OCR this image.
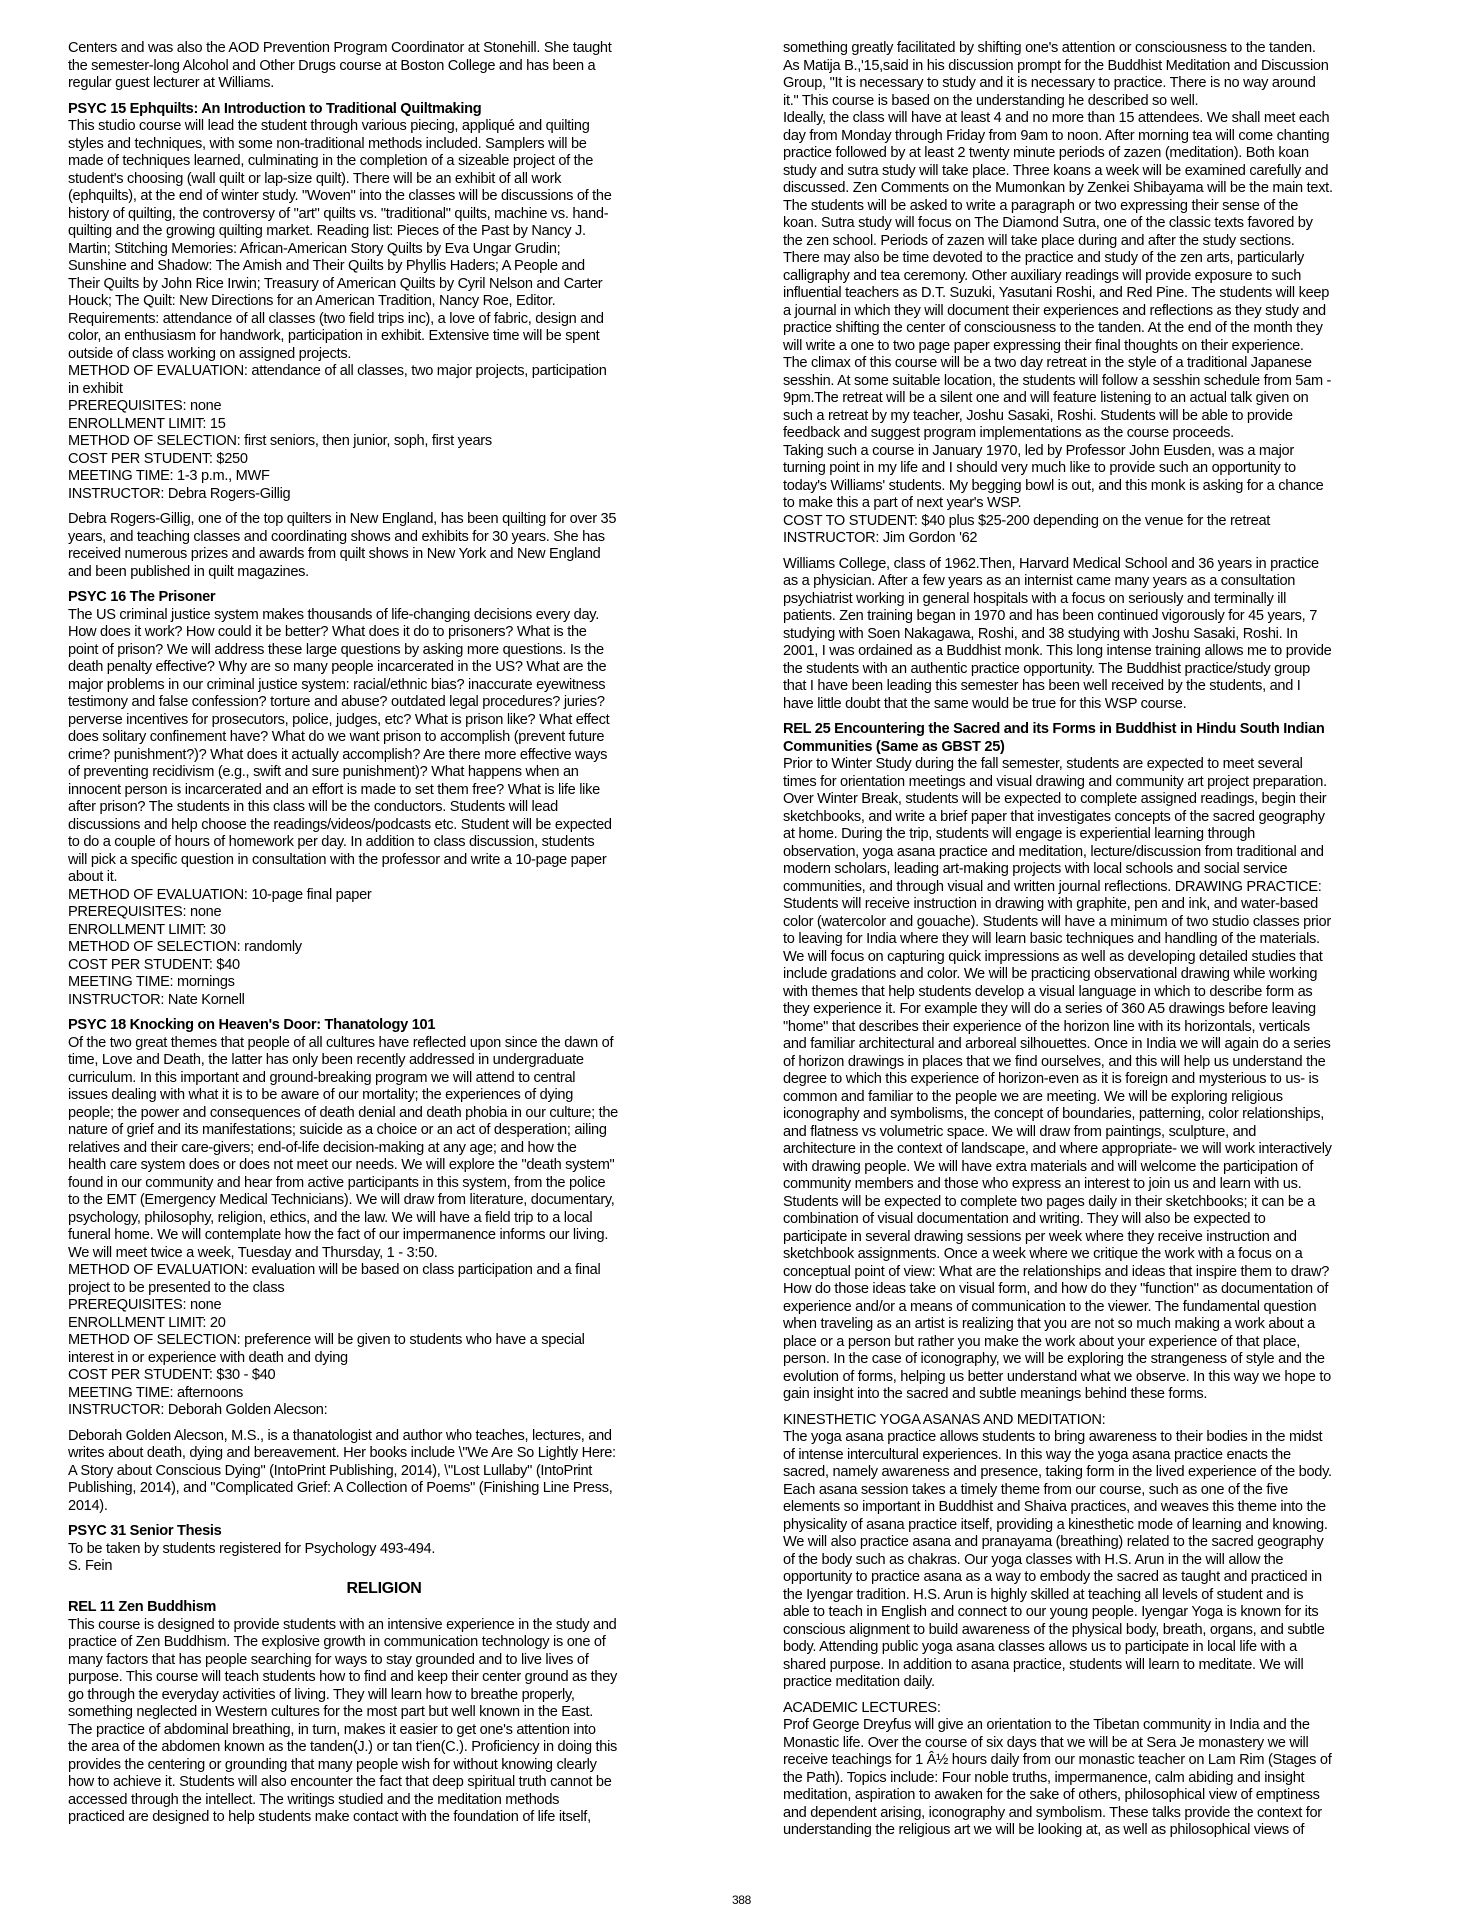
Centers and was also the AOD Prevention Program Coordinator at Stonehill. She taught
the semester-long Alcohol and Other Drugs course at Boston College and has been a
regular guest lecturer at Williams.

PSYC 15 Ephquilts: An Introduction to Traditional Quiltmaking

This studio course will lead the student through various piecing, appliqué and quilting
styles and techniques, with some non-traditional methods included. Samplers will be
made of techniques learned, culminating in the completion of a sizeable project of the
student's choosing (wall quilt or lap-size quilt). There will be an exhibit of all work
(ephquilts), at the end of winter study. "Woven" into the classes will be discussions of the
history of quilting, the controversy of "art" quilts vs. "traditional" quilts, machine vs. hand-
quilting and the growing quilting market. Reading list: Pieces of the Past by Nancy J.
Martin; Stitching Memories: African-American Story Quilts by Eva Ungar Grudin;
Sunshine and Shadow: The Amish and Their Quilts by Phyllis Haders; A People and
Their Quilts by John Rice Irwin; Treasury of American Quilts by Cyril Nelson and Carter
Houck; The Quilt: New Directions for an American Tradition, Nancy Roe, Editor.
Requirements: attendance of all classes (two field trips inc), a love of fabric, design and
color, an enthusiasm for handwork, participation in exhibit. Extensive time will be spent
outside of class working on assigned projects.
METHOD OF EVALUATION: attendance of all classes, two major projects, participation
in exhibit
PREREQUISITES: none
ENROLLMENT LIMIT: 15
METHOD OF SELECTION: first seniors, then junior, soph, first years
COST PER STUDENT: $250
MEETING TIME: 1-3 p.m., MWF
INSTRUCTOR: Debra Rogers-Gillig

Debra Rogers-Gillig, one of the top quilters in New England, has been quilting for over 35
years, and teaching classes and coordinating shows and exhibits for 30 years. She has
received numerous prizes and awards from quilt shows in New York and New England
and been published in quilt magazines.

PSYC 16 The Prisoner

The US criminal justice system makes thousands of life-changing decisions every day.
How does it work? How could it be better? What does it do to prisoners? What is the
point of prison? We will address these large questions by asking more questions. Is the
death penalty effective? Why are so many people incarcerated in the US? What are the
major problems in our criminal justice system: racial/ethnic bias? inaccurate eyewitness
testimony and false confession? torture and abuse? outdated legal procedures? juries?
perverse incentives for prosecutors, police, judges, etc? What is prison like? What effect
does solitary confinement have? What do we want prison to accomplish (prevent future
crime? punishment?)? What does it actually accomplish? Are there more effective ways
of preventing recidivism (e.g., swift and sure punishment)? What happens when an
innocent person is incarcerated and an effort is made to set them free? What is life like
after prison? The students in this class will be the conductors. Students will lead
discussions and help choose the readings/videos/podcasts etc. Student will be expected
to do a couple of hours of homework per day. In addition to class discussion, students
will pick a specific question in consultation with the professor and write a 10-page paper
about it.
METHOD OF EVALUATION: 10-page final paper
PREREQUISITES: none
ENROLLMENT LIMIT: 30
METHOD OF SELECTION: randomly
COST PER STUDENT: $40
MEETING TIME: mornings
INSTRUCTOR: Nate Kornell

PSYC 18 Knocking on Heaven's Door: Thanatology 101

Of the two great themes that people of all cultures have reflected upon since the dawn of
time, Love and Death, the latter has only been recently addressed in undergraduate
curriculum. In this important and ground-breaking program we will attend to central
issues dealing with what it is to be aware of our mortality; the experiences of dying
people; the power and consequences of death denial and death phobia in our culture; the
nature of grief and its manifestations; suicide as a choice or an act of desperation; ailing
relatives and their care-givers; end-of-life decision-making at any age; and how the
health care system does or does not meet our needs. We will explore the "death system"
found in our community and hear from active participants in this system, from the police
to the EMT (Emergency Medical Technicians). We will draw from literature, documentary,
psychology, philosophy, religion, ethics, and the law. We will have a field trip to a local
funeral home. We will contemplate how the fact of our impermanence informs our living.
We will meet twice a week, Tuesday and Thursday, 1 - 3:50.
METHOD OF EVALUATION: evaluation will be based on class participation and a final
project to be presented to the class
PREREQUISITES: none
ENROLLMENT LIMIT: 20
METHOD OF SELECTION: preference will be given to students who have a special
interest in or experience with death and dying
COST PER STUDENT: $30 - $40
MEETING TIME: afternoons
INSTRUCTOR: Deborah Golden Alecson:

Deborah Golden Alecson, M.S., is a thanatologist and author who teaches, lectures, and
writes about death, dying and bereavement. Her books include \"We Are So Lightly Here:
A Story about Conscious Dying" (IntoPrint Publishing, 2014), \"Lost Lullaby" (IntoPrint
Publishing, 2014), and "Complicated Grief: A Collection of Poems" (Finishing Line Press,
2014).

PSYC 31 Senior Thesis

To be taken by students registered for Psychology 493-494.
S. Fein

RELIGION
REL 11 Zen Buddhism

This course is designed to provide students with an intensive experience in the study and
practice of Zen Buddhism. The explosive growth in communication technology is one of
many factors that has people searching for ways to stay grounded and to live lives of
purpose. This course will teach students how to find and keep their center ground as they
go through the everyday activities of living. They will learn how to breathe properly,
something neglected in Western cultures for the most part but well known in the East.
The practice of abdominal breathing, in turn, makes it easier to get one's attention into
the area of the abdomen known as the tanden(J.) or tan t'ien(C.). Proficiency in doing this
provides the centering or grounding that many people wish for without knowing clearly
how to achieve it. Students will also encounter the fact that deep spiritual truth cannot be
accessed through the intellect. The writings studied and the meditation methods
practiced are designed to help students make contact with the foundation of life itself,

something greatly facilitated by shifting one's attention or consciousness to the tanden.
As Matija B.,'15,said in his discussion prompt for the Buddhist Meditation and Discussion
Group, "It is necessary to study and it is necessary to practice. There is no way around
it." This course is based on the understanding he described so well.
Ideally, the class will have at least 4 and no more than 15 attendees. We shall meet each
day from Monday through Friday from 9am to noon. After morning tea will come chanting
practice followed by at least 2 twenty minute periods of zazen (meditation). Both koan
study and sutra study will take place. Three koans a week will be examined carefully and
discussed. Zen Comments on the Mumonkan by Zenkei Shibayama will be the main text.
The students will be asked to write a paragraph or two expressing their sense of the
koan. Sutra study will focus on The Diamond Sutra, one of the classic texts favored by
the zen school. Periods of zazen will take place during and after the study sections.
There may also be time devoted to the practice and study of the zen arts, particularly
calligraphy and tea ceremony. Other auxiliary readings will provide exposure to such
influential teachers as D.T. Suzuki, Yasutani Roshi, and Red Pine. The students will keep
a journal in which they will document their experiences and reflections as they study and
practice shifting the center of consciousness to the tanden. At the end of the month they
will write a one to two page paper expressing their final thoughts on their experience.
The climax of this course will be a two day retreat in the style of a traditional Japanese
sesshin. At some suitable location, the students will follow a sesshin schedule from 5am -
9pm.The retreat will be a silent one and will feature listening to an actual talk given on
such a retreat by my teacher, Joshu Sasaki, Roshi. Students will be able to provide
feedback and suggest program implementations as the course proceeds.
Taking such a course in January 1970, led by Professor John Eusden, was a major
turning point in my life and I should very much like to provide such an opportunity to
today's Williams' students. My begging bowl is out, and this monk is asking for a chance
to make this a part of next year's WSP.
COST TO STUDENT: $40 plus $25-200 depending on the venue for the retreat
INSTRUCTOR: Jim Gordon '62

Williams College, class of 1962.Then, Harvard Medical School and 36 years in practice
as a physician. After a few years as an internist came many years as a consultation
psychiatrist working in general hospitals with a focus on seriously and terminally ill
patients. Zen training began in 1970 and has been continued vigorously for 45 years, 7
studying with Soen Nakagawa, Roshi, and 38 studying with Joshu Sasaki, Roshi. In
2001, I was ordained as a Buddhist monk. This long intense training allows me to provide
the students with an authentic practice opportunity. The Buddhist practice/study group
that I have been leading this semester has been well received by the students, and I
have little doubt that the same would be true for this WSP course.

REL 25 Encountering the Sacred and its Forms in Buddhist in Hindu South Indian
Communities (Same as GBST 25)

Prior to Winter Study during the fall semester, students are expected to meet several
times for orientation meetings and visual drawing and community art project preparation.
Over Winter Break, students will be expected to complete assigned readings, begin their
sketchbooks, and write a brief paper that investigates concepts of the sacred geography
at home. During the trip, students will engage is experiential learning through
observation, yoga asana practice and meditation, lecture/discussion from traditional and
modern scholars, leading art-making projects with local schools and social service
communities, and through visual and written journal reflections. DRAWING PRACTICE:
Students will receive instruction in drawing with graphite, pen and ink, and water-based
color (watercolor and gouache). Students will have a minimum of two studio classes prior
to leaving for India where they will learn basic techniques and handling of the materials.
We will focus on capturing quick impressions as well as developing detailed studies that
include gradations and color. We will be practicing observational drawing while working
with themes that help students develop a visual language in which to describe form as
they experience it. For example they will do a series of 360 A5 drawings before leaving
"home" that describes their experience of the horizon line with its horizontals, verticals
and familiar architectural and arboreal silhouettes. Once in India we will again do a series
of horizon drawings in places that we find ourselves, and this will help us understand the
degree to which this experience of horizon-even as it is foreign and mysterious to us- is
common and familiar to the people we are meeting. We will be exploring religious
iconography and symbolisms, the concept of boundaries, patterning, color relationships,
and flatness vs volumetric space. We will draw from paintings, sculpture, and
architecture in the context of landscape, and where appropriate- we will work interactively
with drawing people. We will have extra materials and will welcome the participation of
community members and those who express an interest to join us and learn with us.
Students will be expected to complete two pages daily in their sketchbooks; it can be a
combination of visual documentation and writing. They will also be expected to
participate in several drawing sessions per week where they receive instruction and
sketchbook assignments. Once a week where we critique the work with a focus on a
conceptual point of view: What are the relationships and ideas that inspire them to draw?
How do those ideas take on visual form, and how do they "function" as documentation of
experience and/or a means of communication to the viewer. The fundamental question
when traveling as an artist is realizing that you are not so much making a work about a
place or a person but rather you make the work about your experience of that place,
person. In the case of iconography, we will be exploring the strangeness of style and the
evolution of forms, helping us better understand what we observe. In this way we hope to
gain insight into the sacred and subtle meanings behind these forms.

KINESTHETIC YOGA ASANAS AND MEDITATION:

The yoga asana practice allows students to bring awareness to their bodies in the midst
of intense intercultural experiences. In this way the yoga asana practice enacts the
sacred, namely awareness and presence, taking form in the lived experience of the body.
Each asana session takes a timely theme from our course, such as one of the five
elements so important in Buddhist and Shaiva practices, and weaves this theme into the
physicality of asana practice itself, providing a kinesthetic mode of learning and knowing.
We will also practice asana and pranayama (breathing) related to the sacred geography
of the body such as chakras. Our yoga classes with H.S. Arun in the will allow the
opportunity to practice asana as a way to embody the sacred as taught and practiced in
the Iyengar tradition. H.S. Arun is highly skilled at teaching all levels of student and is
able to teach in English and connect to our young people. Iyengar Yoga is known for its
conscious alignment to build awareness of the physical body, breath, organs, and subtle
body. Attending public yoga asana classes allows us to participate in local life with a
shared purpose. In addition to asana practice, students will learn to meditate. We will
practice meditation daily.

ACADEMIC LECTURES:

Prof George Dreyfus will give an orientation to the Tibetan community in India and the
Monastic life. Over the course of six days that we will be at Sera Je monastery we will
receive teachings for 1 Â½ hours daily from our monastic teacher on Lam Rim (Stages of
the Path). Topics include: Four noble truths, impermanence, calm abiding and insight
meditation, aspiration to awaken for the sake of others, philosophical view of emptiness
and dependent arising, iconography and symbolism. These talks provide the context for
understanding the religious art we will be looking at, as well as philosophical views of

388
